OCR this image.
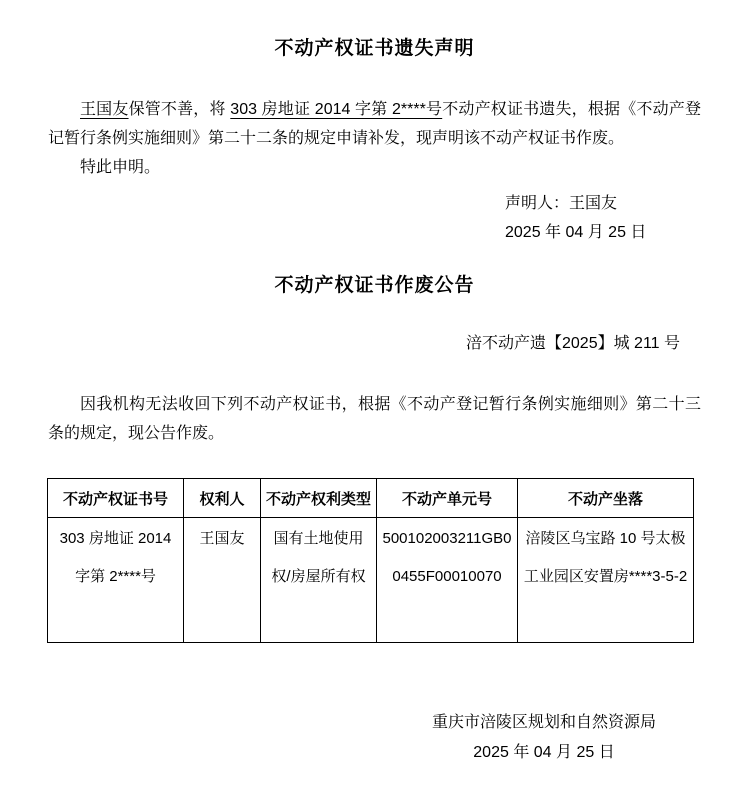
不动产权证书遗失声明

王国友保管不善，将 303 房地证 2014 字第 2****号不动产权证书遗失，根据《不动产登记暂行条例实施细则》第二十二条的规定申请补发，现声明该不动产权证书作废。

特此申明。

声明人：王国友
2025 年 04 月 25 日
不动产权证书作废公告
涪不动产遗【2025】城 211 号

因我机构无法收回下列不动产权证书，根据《不动产登记暂行条例实施细则》第二十三条的规定，现公告作废。

不动产权证书号	权利人	不动产权利类型	不动产单元号	不动产坐落
303 房地证 2014 字第 2****号	王国友	国有土地使用权/房屋所有权	500102003211GB00455F00010070	涪陵区乌宝路 10 号太极工业园区安置房****3-5-2
重庆市涪陵区规划和自然资源局
2025 年 04 月 25 日
